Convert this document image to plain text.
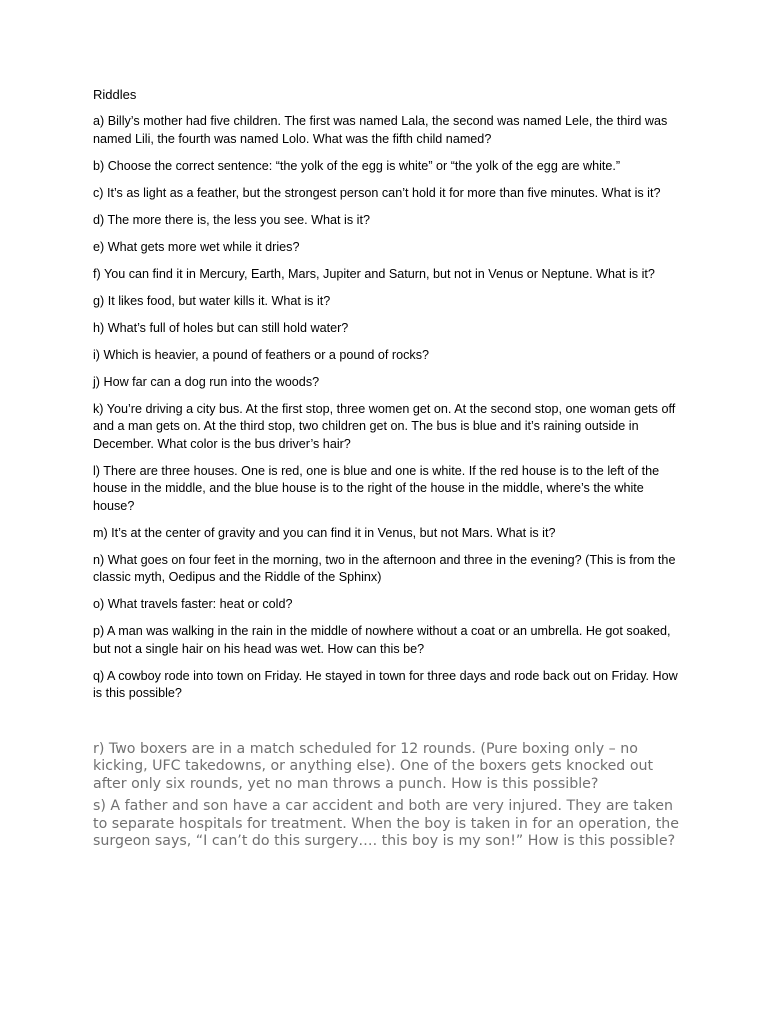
Riddles

a) Billy’s mother had five children. The first was named Lala, the second was named Lele, the third was named Lili, the fourth was named Lolo. What was the fifth child named?

b) Choose the correct sentence: “the yolk of the egg is white” or “the yolk of the egg are white.”

c) It’s as light as a feather, but the strongest person can’t hold it for more than five minutes. What is it?

d) The more there is, the less you see. What is it?

e) What gets more wet while it dries?

f) You can find it in Mercury, Earth, Mars, Jupiter and Saturn, but not in Venus or Neptune. What is it?

g) It likes food, but water kills it. What is it?

h) What’s full of holes but can still hold water?

i) Which is heavier, a pound of feathers or a pound of rocks?

j) How far can a dog run into the woods?

k) You’re driving a city bus. At the first stop, three women get on. At the second stop, one woman gets off and a man gets on. At the third stop, two children get on. The bus is blue and it’s raining outside in December. What color is the bus driver’s hair?

l) There are three houses. One is red, one is blue and one is white. If the red house is to the left of the house in the middle, and the blue house is to the right of the house in the middle, where’s the white house?

m) It’s at the center of gravity and you can find it in Venus, but not Mars. What is it?

n) What goes on four feet in the morning, two in the afternoon and three in the evening? (This is from the classic myth, Oedipus and the Riddle of the Sphinx)

o) What travels faster: heat or cold?

p) A man was walking in the rain in the middle of nowhere without a coat or an umbrella. He got soaked, but not a single hair on his head was wet. How can this be?

q) A cowboy rode into town on Friday. He stayed in town for three days and rode back out on Friday. How is this possible?

r) Two boxers are in a match scheduled for 12 rounds. (Pure boxing only – no kicking, UFC takedowns, or anything else). One of the boxers gets knocked out after only six rounds, yet no man throws a punch. How is this possible?

s) A father and son have a car accident and both are very injured. They are taken to separate hospitals for treatment. When the boy is taken in for an operation, the surgeon says, “I can’t do this surgery…. this boy is my son!” How is this possible?
